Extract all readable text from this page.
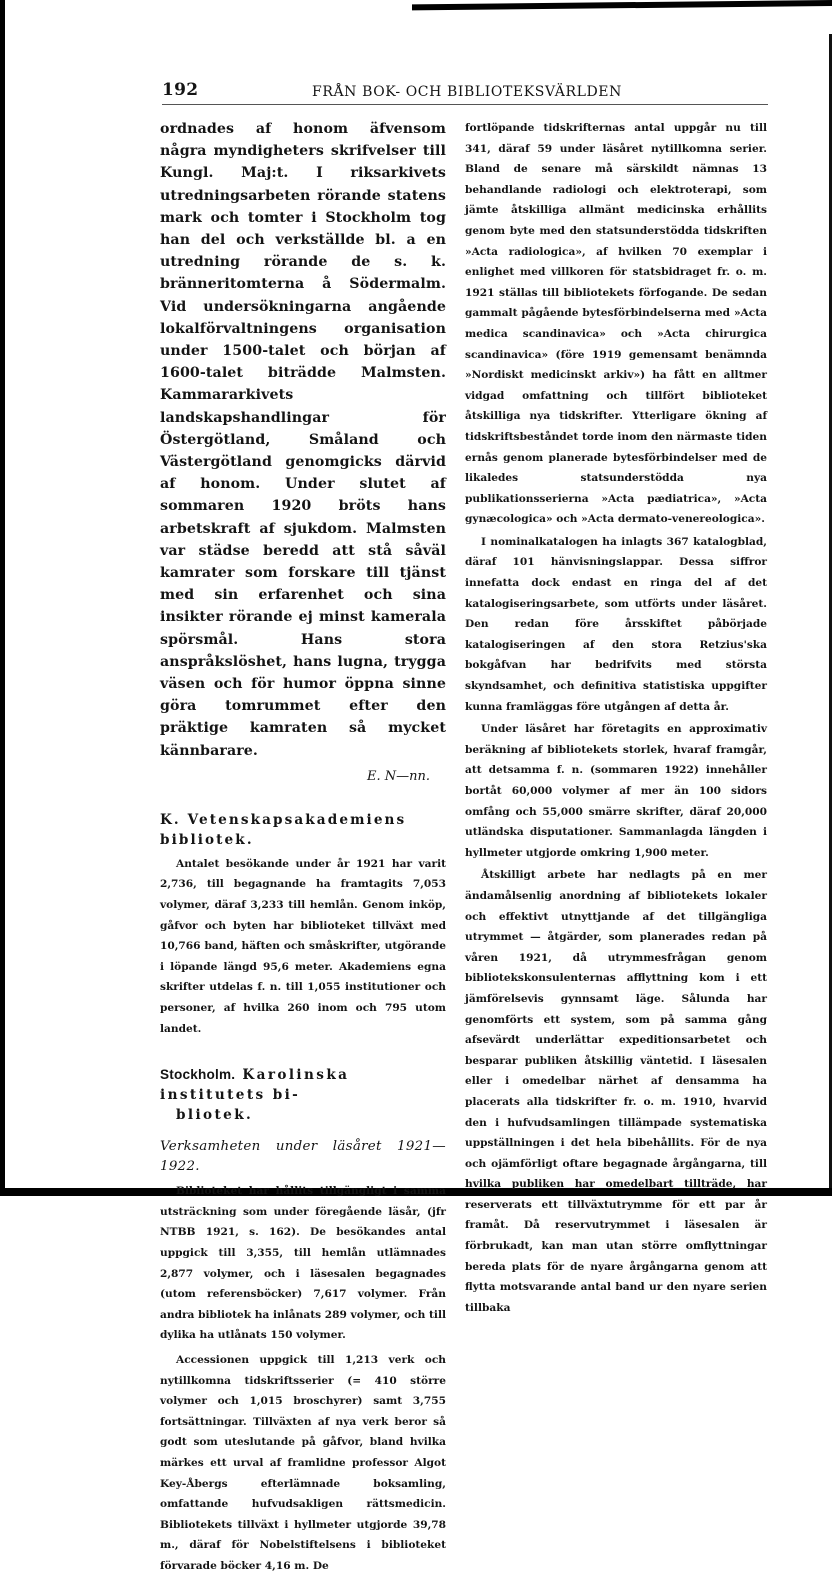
192	FRÅN BOK- OCH BIBLIOTEKSVÄRLDEN

ordnades af honom äfvensom några myndigheters skrifvelser till Kungl. Maj:t. I riksarkivets utredningsarbeten rörande statens mark och tomter i Stockholm tog han del och verkställde bl. a en utredning rörande de s. k. bränneritomterna å Södermalm. Vid undersökningarna angående lokalförvaltningens organisation under 1500-talet och början af 1600-talet biträdde Malmsten. Kammararkivets landskapshandlingar för Östergötland, Småland och Västergötland genomgicks därvid af honom. Under slutet af sommaren 1920 bröts hans arbetskraft af sjukdom. Malmsten var städse beredd att stå såväl kamrater som forskare till tjänst med sin erfarenhet och sina insikter rörande ej minst kamerala spörsmål. Hans stora anspråkslöshet, hans lugna, trygga väsen och för humor öppna sinne göra tomrummet efter den präktige kamraten så mycket kännbarare.

E. N—nn.

K. Vetenskapsakademiens bibliotek.

Antalet besökande under år 1921 har varit 2,736, till begagnande ha framtagits 7,053 volymer, däraf 3,233 till hemlån. Genom inköp, gåfvor och byten har biblioteket tillväxt med 10,766 band, häften och småskrifter, utgörande i löpande längd 95,6 meter. Akademiens egna skrifter utdelas f. n. till 1,055 institutioner och personer, af hvilka 260 inom och 795 utom landet.

Stockholm. Karolinska institutets bi-
bliotek.

Verksamheten under läsåret 1921—1922.

Biblioteket har hållits tillgängligt i samma utsträckning som under föregående läsår, (jfr NTBB 1921, s. 162). De besökandes antal uppgick till 3,355, till hemlån utlämnades 2,877 volymer, och i läsesalen begagnades (utom referensböcker) 7,617 volymer. Från andra bibliotek ha inlånats 289 volymer, och till dylika ha utlånats 150 volymer.

Accessionen uppgick till 1,213 verk och nytillkomna tidskriftsserier (= 410 större volymer och 1,015 broschyrer) samt 3,755 fortsättningar. Tillväxten af nya verk beror så godt som uteslutande på gåfvor, bland hvilka märkes ett urval af framlidne professor Algot Key-Åbergs efterlämnade boksamling, omfattande hufvudsakligen rättsmedicin. Bibliotekets tillväxt i hyllmeter utgjorde 39,78 m., däraf för Nobelstiftelsens i biblioteket förvarade böcker 4,16 m. De

fortlöpande tidskrifternas antal uppgår nu till 341, däraf 59 under läsåret nytillkomna serier. Bland de senare må särskildt nämnas 13 behandlande radiologi och elektroterapi, som jämte åtskilliga allmänt medicinska erhållits genom byte med den statsunderstödda tidskriften »Acta radiologica», af hvilken 70 exemplar i enlighet med villkoren för statsbidraget fr. o. m. 1921 ställas till bibliotekets förfogande. De sedan gammalt pågående bytesförbindelserna med »Acta medica scandinavica» och »Acta chirurgica scandinavica» (före 1919 gemensamt benämnda »Nordiskt medicinskt arkiv») ha fått en alltmer vidgad omfattning och tillfört biblioteket åtskilliga nya tidskrifter. Ytterligare ökning af tidskriftsbeståndet torde inom den närmaste tiden ernås genom planerade bytesförbindelser med de likaledes statsunderstödda nya publikationsserierna »Acta pædiatrica», »Acta gynæcologica» och »Acta dermato-venereologica».

I nominalkatalogen ha inlagts 367 katalogblad, däraf 101 hänvisningslappar. Dessa siffror innefatta dock endast en ringa del af det katalogiseringsarbete, som utförts under läsåret. Den redan före årsskiftet påbörjade katalogiseringen af den stora Retzius'ska bokgåfvan har bedrifvits med största skyndsamhet, och definitiva statistiska uppgifter kunna framläggas före utgången af detta år.

Under läsåret har företagits en approximativ beräkning af bibliotekets storlek, hvaraf framgår, att detsamma f. n. (sommaren 1922) innehåller bortåt 60,000 volymer af mer än 100 sidors omfång och 55,000 smärre skrifter, däraf 20,000 utländska disputationer. Sammanlagda längden i hyllmeter utgjorde omkring 1,900 meter.

Åtskilligt arbete har nedlagts på en mer ändamålsenlig anordning af bibliotekets lokaler och effektivt utnyttjande af det tillgängliga utrymmet — åtgärder, som planerades redan på våren 1921, då utrymmesfrågan genom bibliotekskonsulenternas afflyttning kom i ett jämförelsevis gynnsamt läge. Sålunda har genomförts ett system, som på samma gång afsevärdt underlättar expeditionsarbetet och besparar publiken åtskillig väntetid. I läsesalen eller i omedelbar närhet af densamma ha placerats alla tidskrifter fr. o. m. 1910, hvarvid den i hufvudsamlingen tillämpade systematiska uppställningen i det hela bibehållits. För de nya och ojämförligt oftare begagnade årgångarna, till hvilka publiken har omedelbart tillträde, har reserverats ett tillväxtutrymme för ett par år framåt. Då reservutrymmet i läsesalen är förbrukadt, kan man utan större omflyttningar bereda plats för de nyare årgångarna genom att flytta motsvarande antal band ur den nyare serien tillbaka
